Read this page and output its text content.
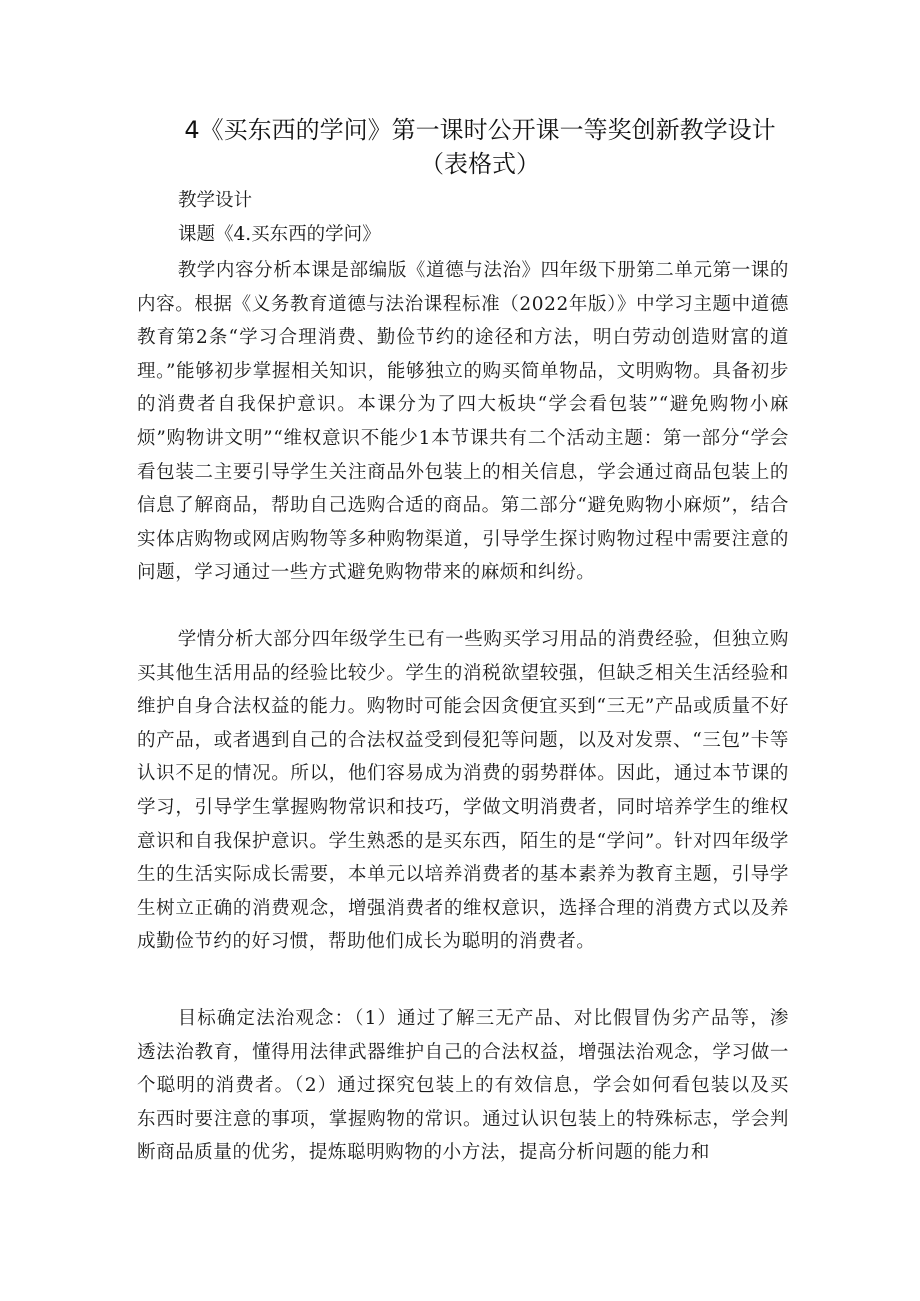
4《买东西的学问》第一课时公开课一等奖创新教学设计
（表格式）
教学设计
课题《4.买东西的学问》

教学内容分析本课是部编版《道德与法治》四年级下册第二单元第一课的内容。根据《义务教育道德与法治课程标准（2022年版）》中学习主题中道德教育第2条“学习合理消费、勤俭节约的途径和方法，明白劳动创造财富的道理。”能够初步掌握相关知识，能够独立的购买简单物品，文明购物。具备初步的消费者自我保护意识。本课分为了四大板块“学会看包装”“避免购物小麻烦”购物讲文明”“维权意识不能少1本节课共有二个活动主题：第一部分“学会看包装二主要引导学生关注商品外包装上的相关信息，学会通过商品包装上的信息了解商品，帮助自己选购合适的商品。第二部分“避免购物小麻烦”，结合实体店购物或网店购物等多种购物渠道，引导学生探讨购物过程中需要注意的问题，学习通过一些方式避免购物带来的麻烦和纠纷。

学情分析大部分四年级学生已有一些购买学习用品的消费经验，但独立购买其他生活用品的经验比较少。学生的消税欲望较强，但缺乏相关生活经验和维护自身合法权益的能力。购物时可能会因贪便宜买到“三无”产品或质量不好的产品，或者遇到自己的合法权益受到侵犯等问题，以及对发票、“三包”卡等认识不足的情况。所以，他们容易成为消费的弱势群体。因此，通过本节课的学习，引导学生掌握购物常识和技巧，学做文明消费者，同时培养学生的维权意识和自我保护意识。学生熟悉的是买东西，陌生的是“学问”。针对四年级学生的生活实际成长需要，本单元以培养消费者的基本素养为教育主题，引导学生树立正确的消费观念，增强消费者的维权意识，选择合理的消费方式以及养成勤俭节约的好习惯，帮助他们成长为聪明的消费者。

目标确定法治观念：（1）通过了解三无产品、对比假冒伪劣产品等，渗透法治教育，懂得用法律武器维护自己的合法权益，增强法治观念，学习做一个聪明的消费者。（2）通过探究包装上的有效信息，学会如何看包装以及买东西时要注意的事项，掌握购物的常识。通过认识包装上的特殊标志，学会判断商品质量的优劣，提炼聪明购物的小方法，提高分析问题的能力和
